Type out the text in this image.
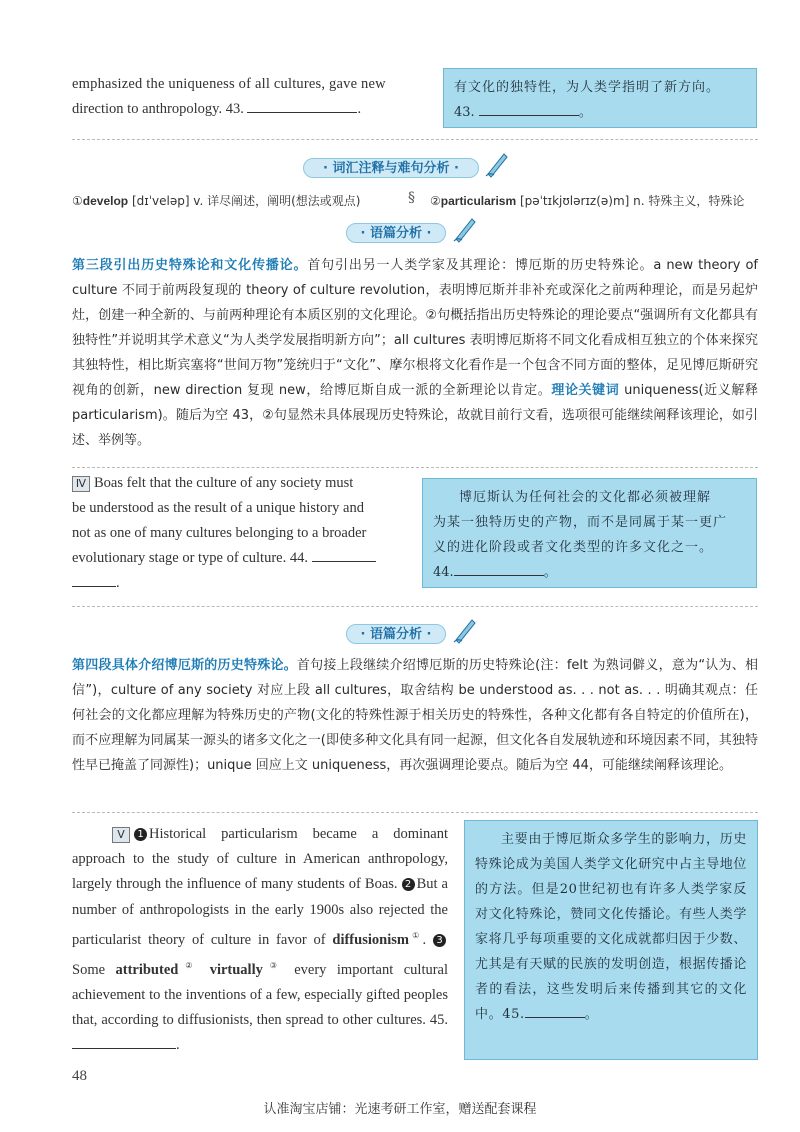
emphasized the uniqueness of all cultures, gave new
direction to anthropology. 43.	.
有文化的独特性，为人类学指明了新方向。
43.	。
· 词汇注释与难句分析 ·
①develop [dɪˈveləp] v. 详尽阐述，阐明(想法或观点)	§ ②particularism [pəˈtɪkjʊlərɪz(ə)m] n. 特殊主义，特殊论
· 语篇分析 ·
第三段引出历史特殊论和文化传播论。首句引出另一人类学家及其理论：博厄斯的历史特殊论。a new theory of culture 不同于前两段复现的 theory of culture revolution，表明博厄斯并非补充或深化之前两种理论，而是另起炉灶，创建一种全新的、与前两种理论有本质区别的文化理论。②句概括指出历史特殊论的理论要点“强调所有文化都具有独特性”并说明其学术意义“为人类学发展指明新方向”；all cultures 表明博厄斯将不同文化看成相互独立的个体来探究其独特性，相比斯宾塞将“世间万物”笼统归于“文化”、摩尔根将文化看作是一个包含不同方面的整体，足见博厄斯研究视角的创新，new direction 复现 new，给博厄斯自成一派的全新理论以肯定。理论关键词 uniqueness(近义解释 particularism)。随后为空 43，②句显然未具体展现历史特殊论，故就目前行文看，选项很可能继续阐释该理论，如引述、举例等。
Ⅳ Boas felt that the culture of any society must
be understood as the result of a unique history and
not as one of many cultures belonging to a broader
evolutionary stage or type of culture. 44.
.
博厄斯认为任何社会的文化都必须被理解
为某一独特历史的产物，而不是同属于某一更广
义的进化阶段或者文化类型的许多文化之一。
44.	。
· 语篇分析 ·
第四段具体介绍博厄斯的历史特殊论。首句接上段继续介绍博厄斯的历史特殊论(注：felt 为熟词僻义，意为“认为、相信”)，culture of any society 对应上段 all cultures，取舍结构 be understood as. . . not as. . . 明确其观点：任何社会的文化都应理解为特殊历史的产物(文化的特殊性源于相关历史的特殊性，各种文化都有各自特定的价值所在)，而不应理解为同属某一源头的诸多文化之一(即使多种文化具有同一起源，但文化各自发展轨迹和环境因素不同，其独特性早已掩盖了同源性)；unique 回应上文 uniqueness，再次强调理论要点。随后为空 44，可能继续阐释该理论。
Ⅴ 1 Historical particularism became a dominant approach to the study of culture in American anthropology, largely through the influence of many students of Boas. 2 But a number of anthropologists in the early 1900s also rejected the particularist theory of culture in favor of diffusionism①. 3Some attributed② virtually③ every important cultural achievement to the inventions of a few, especially gifted peoples that, according to diffusionists, then spread to other cultures. 45. .
主要由于博厄斯众多学生的影响力，历史特殊论成为美国人类学文化研究中占主导地位的方法。但是20世纪初也有许多人类学家反对文化特殊论，赞同文化传播论。有些人类学家将几乎每项重要的文化成就都归因于少数、尤其是有天赋的民族的发明创造，根据传播论者的看法，这些发明后来传播到其它的文化中。45.	。
48
认准淘宝店铺：光速考研工作室，赠送配套课程
